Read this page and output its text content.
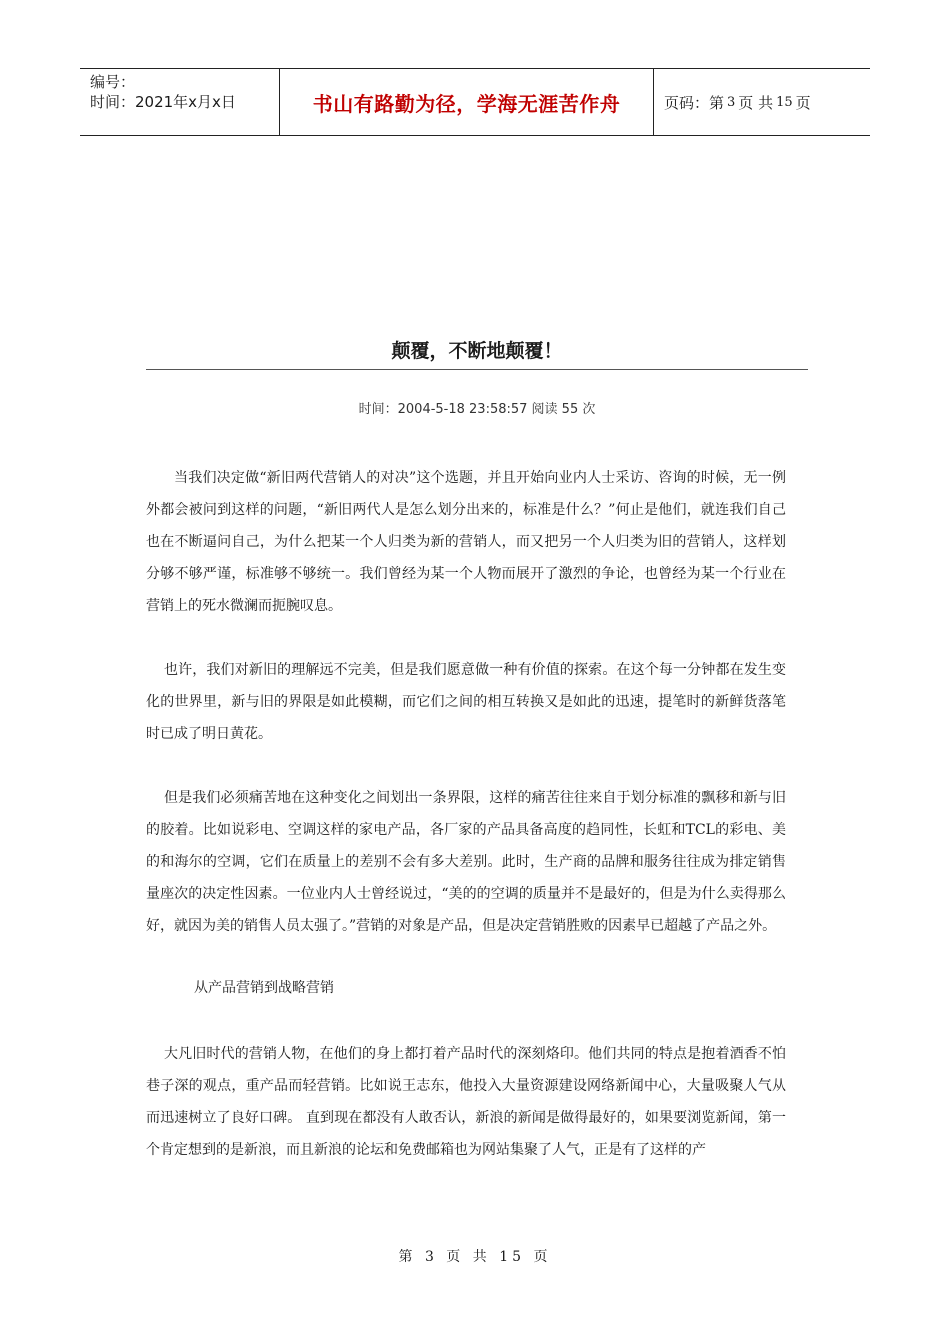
编号：
时间：2021年x月x日	书山有路勤为径，学海无涯苦作舟	页码：第 3 页 共 15 页
颠覆，不断地颠覆！
时间：2004-5-18 23:58:57 阅读 55 次

当我们决定做“新旧两代营销人的对决”这个选题，并且开始向业内人士采访、咨询的时候，无一例外都会被问到这样的问题，“新旧两代人是怎么划分出来的，标准是什么？”何止是他们，就连我们自己也在不断逼问自己，为什么把某一个人归类为新的营销人，而又把另一个人归类为旧的营销人，这样划分够不够严谨，标准够不够统一。我们曾经为某一个人物而展开了激烈的争论，也曾经为某一个行业在营销上的死水微澜而扼腕叹息。

也许，我们对新旧的理解远不完美，但是我们愿意做一种有价值的探索。在这个每一分钟都在发生变化的世界里，新与旧的界限是如此模糊，而它们之间的相互转换又是如此的迅速，提笔时的新鲜货落笔时已成了明日黄花。

但是我们必须痛苦地在这种变化之间划出一条界限，这样的痛苦往往来自于划分标准的飘移和新与旧的胶着。比如说彩电、空调这样的家电产品，各厂家的产品具备高度的趋同性，长虹和TCL的彩电、美的和海尔的空调，它们在质量上的差别不会有多大差别。此时，生产商的品牌和服务往往成为排定销售量座次的决定性因素。一位业内人士曾经说过，“美的的空调的质量并不是最好的，但是为什么卖得那么好，就因为美的销售人员太强了。”营销的对象是产品，但是决定营销胜败的因素早已超越了产品之外。

从产品营销到战略营销

大凡旧时代的营销人物，在他们的身上都打着产品时代的深刻烙印。他们共同的特点是抱着酒香不怕巷子深的观点，重产品而轻营销。比如说王志东，他投入大量资源建设网络新闻中心，大量吸聚人气从而迅速树立了良好口碑。 直到现在都没有人敢否认，新浪的新闻是做得最好的，如果要浏览新闻，第一个肯定想到的是新浪，而且新浪的论坛和免费邮箱也为网站集聚了人气，正是有了这样的产

第 3 页 共 15 页
